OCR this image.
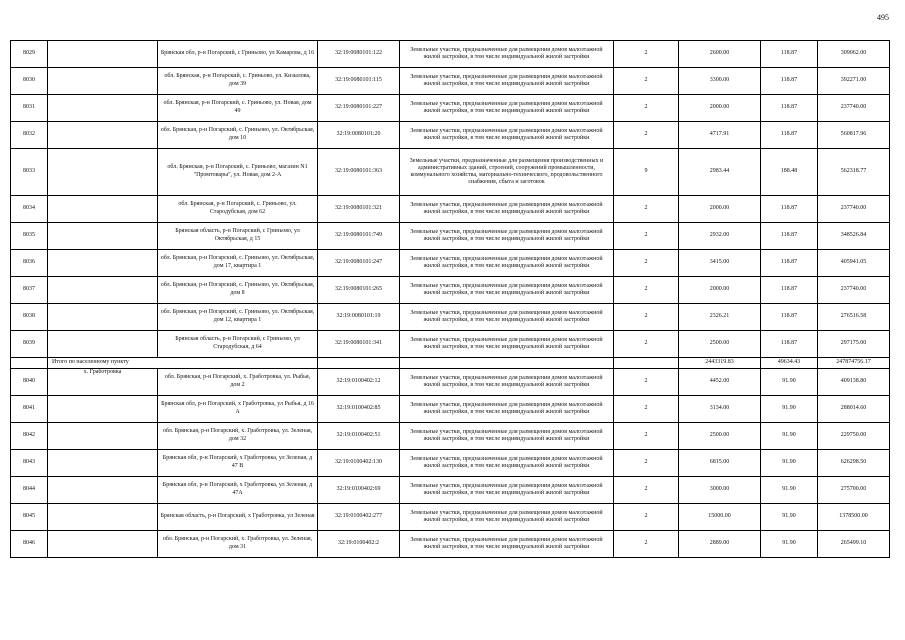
495
8029		Брянская обл, р-н Погарский, с Гриньово, ул Камарова, д 16	32:19:0080101:122	Земельные участки, предназначенные для размещения домов малоэтажной жилой застройки, в том числе индивидуальной жилой застройки	2	2600.00	118.87	309062.00
8030		обл. Брянская, р-н Погарский, с. Гриньово, ул. Кизылова, дом 39	32:19:0080101:115	Земельные участки, предназначенные для размещения домов малоэтажной жилой застройки, в том числе индивидуальной жилой застройки	2	3300.00	118.87	392271.00
8031		обл. Брянская, р-н Погарский, с. Гриньово, ул. Новая, дом 49	32:19:0080101:227	Земельные участки, предназначенные для размещения домов малоэтажной жилой застройки, в том числе индивидуальной жилой застройки	2	2000.00	118.87	237740.00
8032		обл. Брянская, р-н Погарский, с. Гриньово, ул. Октябрьская, дом 10	32:19:0080101:20	Земельные участки, предназначенные для размещения домов малоэтажной жилой застройки, в том числе индивидуальной жилой застройки	2	4717.91	118.87	560817.96
8033		обл. Брянская, р-н Погарский, с. Гриньово, магазин N1 "Промтовары", ул. Новая, дом 2-А	32:19:0080101:363	Земельные участки, предназначенные для размещения производственных и административных зданий, строений, сооружений промышленности, коммунального хозяйства, материально-технического, продовольственного снабжения, сбыта и заготовок	9	2983.44	188.48	562318.77
8034		обл. Брянская, р-н Погарский, с. Гриньово, ул. Стародубская, дом 62	32:19:0080101:321	Земельные участки, предназначенные для размещения домов малоэтажной жилой застройки, в том числе индивидуальной жилой застройки	2	2000.00	118.87	237740.00
8035		Брянская область, р-н Погарский, с Гриньово, ул Октябрьская, д 15	32:19:0080101:749	Земельные участки, предназначенные для размещения домов малоэтажной жилой застройки, в том числе индивидуальной жилой застройки	2	2932.00	118.87	348526.84
8036		обл. Брянская, р-н Погарский, с. Гриньово, ул. Октябрьская, дом 17, квартира 1	32:19:0080101:247	Земельные участки, предназначенные для размещения домов малоэтажной жилой застройки, в том числе индивидуальной жилой застройки	2	3415.00	118.87	405941.05
8037		обл. Брянская, р-н Погарский, с. Гриньово, ул. Октябрьская, дом 8	32:19:0080101:265	Земельные участки, предназначенные для размещения домов малоэтажной жилой застройки, в том числе индивидуальной жилой застройки	2	2000.00	118.87	237740.00
8038		обл. Брянская, р-н Погарский, с. Гриньово, ул. Октябрьская, дом 12, квартира 1	32:19:0080101:19	Земельные участки, предназначенные для размещения домов малоэтажной жилой застройки, в том числе индивидуальной жилой застройки	2	2326.21	118.87	276516.58
8039		Брянская область, р-н Погарский, с Гриньово, ул Стародубская, д 64	32:19:0080101:341	Земельные участки, предназначенные для размещения домов малоэтажной жилой застройки, в том числе индивидуальной жилой застройки	2	2500.00	118.87	297175.00
	Итого по населенному пункту					2443319.83	49634.43	247874756.17
8040	х. Гработровка	обл. Брянская, р-н Погарский, х. Гработровка, ул. Рыбья, дом 2	32:19:0100402:12	Земельные участки, предназначенные для размещения домов малоэтажной жилой застройки, в том числе индивидуальной жилой застройки	2	4452.00	91.90	409138.80
8041		Брянская обл, р-н Погарский, х Гработровка, ул Рыбья, д 16 А	32:19:0100402:85	Земельные участки, предназначенные для размещения домов малоэтажной жилой застройки, в том числе индивидуальной жилой застройки	2	3134.00	91.90	288014.60
8042		обл. Брянская, р-н Погарский, х. Гработровка, ул. Зеленая, дом 32	32:19:0100402:51	Земельные участки, предназначенные для размещения домов малоэтажной жилой застройки, в том числе индивидуальной жилой застройки	2	2500.00	91.90	229750.00
8043		Брянская обл, р-н Погарский, х Гработровка, ул Зеленая, д 47 В	32:19:0100402:130	Земельные участки, предназначенные для размещения домов малоэтажной жилой застройки, в том числе индивидуальной жилой застройки	2	6815.00	91.90	626298.50
8044		Брянская обл, р-н Погарский, х Гработровка, ул Зеленая, д 47А	32:19:0100402:69	Земельные участки, предназначенные для размещения домов малоэтажной жилой застройки, в том числе индивидуальной жилой застройки	2	3000.00	91.90	275700.00
8045		Брянская область, р-н Погарский, х Гработровка, ул Зеленая	32:19:0100402:277	Земельные участки, предназначенные для размещения домов малоэтажной жилой застройки, в том числе индивидуальной жилой застройки	2	15000.00	91.90	1378500.00
8046		обл. Брянская, р-н Погарский, х. Гработровка, ул. Зеленая, дом 31	32:19:0100402:2	Земельные участки, предназначенные для размещения домов малоэтажной жилой застройки, в том числе индивидуальной жилой застройки	2	2889.00	91.90	265499.10
